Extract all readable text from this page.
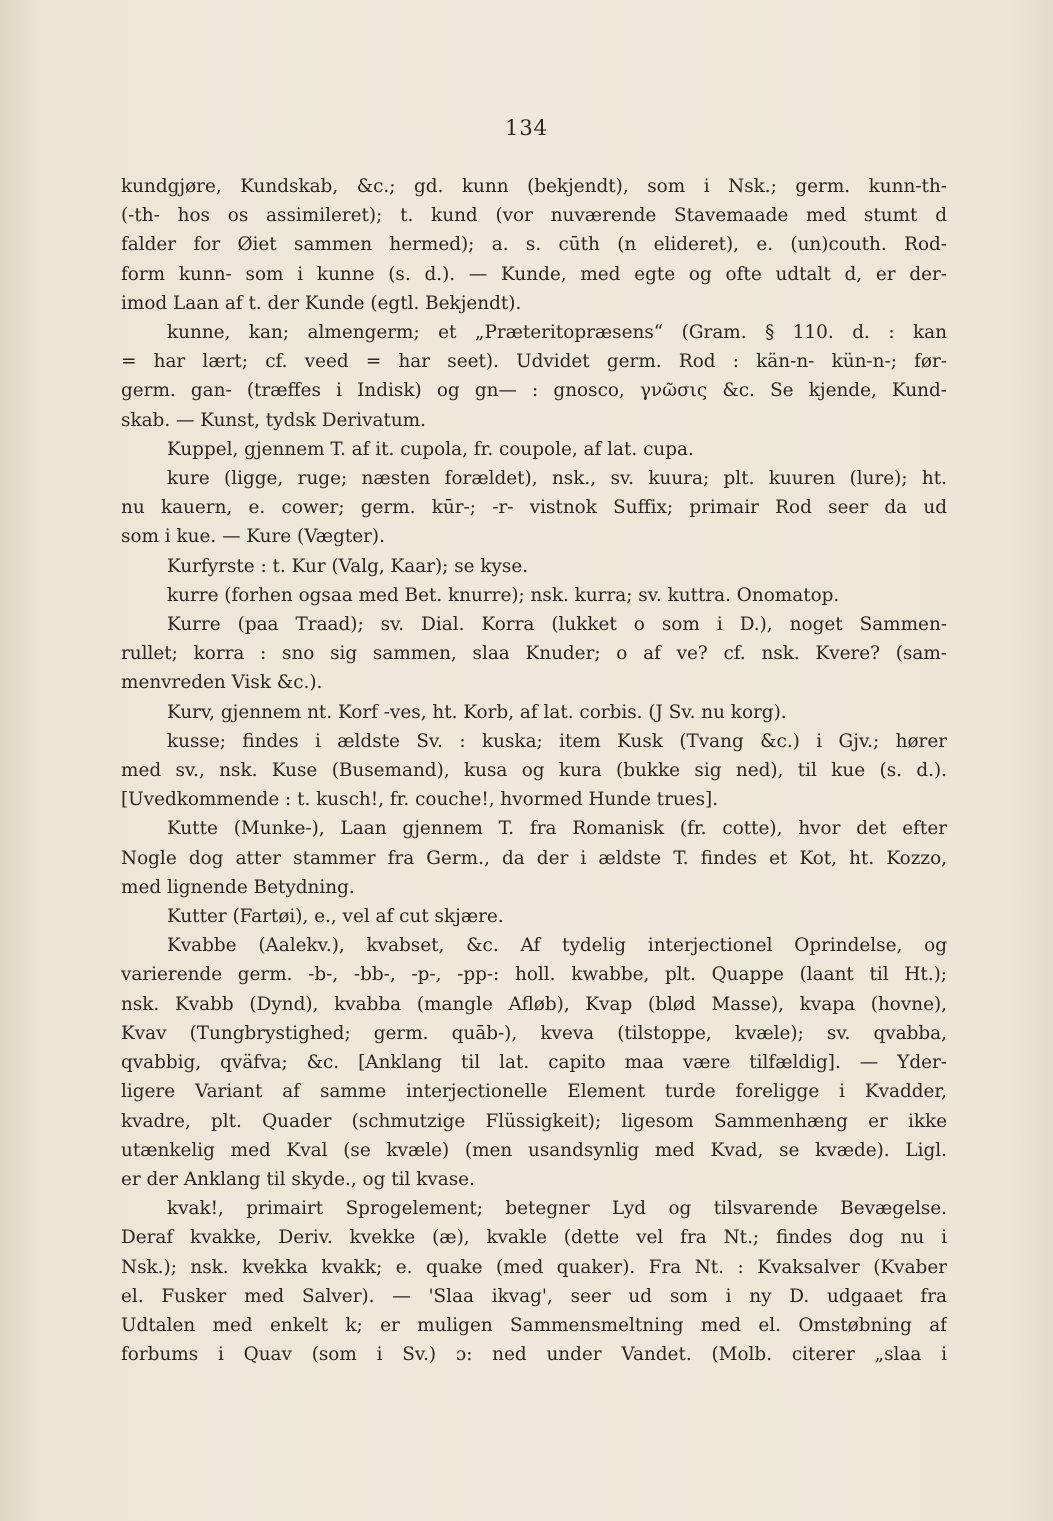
134
kundgjøre, Kundskab, &c.; gd. kunn (bekjendt), som i Nsk.; germ. kunn-th-
(-th- hos os assimileret); t. kund (vor nuværende Stavemaade med stumt d
falder for Øiet sammen hermed); a. s. cūth (n elideret), e. (un)couth. Rod-
form kunn- som i kunne (s. d.). — Kunde, med egte og ofte udtalt d, er der-
imod Laan af t. der Kunde (egtl. Bekjendt).
kunne, kan; almengerm; et „Præteritopræsens“ (Gram. § 110. d. : kan
= har lært; cf. veed = har seet). Udvidet germ. Rod : kän-n- kün-n-; før-
germ. gan- (træffes i Indisk) og gn— : gnosco, γνῶσις &c. Se kjende, Kund-
skab. — Kunst, tydsk Derivatum.
Kuppel, gjennem T. af it. cupola, fr. coupole, af lat. cupa.
kure (ligge, ruge; næsten forældet), nsk., sv. kuura; plt. kuuren (lure); ht.
nu kauern, e. cower; germ. kūr-; -r- vistnok Suffix; primair Rod seer da ud
som i kue. — Kure (Vægter).
Kurfyrste : t. Kur (Valg, Kaar); se kyse.
kurre (forhen ogsaa med Bet. knurre); nsk. kurra; sv. kuttra. Onomatop.
Kurre (paa Traad); sv. Dial. Korra (lukket o som i D.), noget Sammen-
rullet; korra : sno sig sammen, slaa Knuder; o af ve? cf. nsk. Kvere? (sam-
menvreden Visk &c.).
Kurv, gjennem nt. Korf -ves, ht. Korb, af lat. corbis. (J Sv. nu korg).
kusse; findes i ældste Sv. : kuska; item Kusk (Tvang &c.) i Gjv.; hører
med sv., nsk. Kuse (Busemand), kusa og kura (bukke sig ned), til kue (s. d.).
[Uvedkommende : t. kusch!, fr. couche!, hvormed Hunde trues].
Kutte (Munke-), Laan gjennem T. fra Romanisk (fr. cotte), hvor det efter
Nogle dog atter stammer fra Germ., da der i ældste T. findes et Kot, ht. Kozzo,
med lignende Betydning.
Kutter (Fartøi), e., vel af cut skjære.
Kvabbe (Aalekv.), kvabset, &c. Af tydelig interjectionel Oprindelse, og
varierende germ. -b-, -bb-, -p-, -pp-: holl. kwabbe, plt. Quappe (laant til Ht.);
nsk. Kvabb (Dynd), kvabba (mangle Afløb), Kvap (blød Masse), kvapa (hovne),
Kvav (Tungbrystighed; germ. quāb-), kveva (tilstoppe, kvæle); sv. qvabba,
qvabbig, qväfva; &c. [Anklang til lat. capito maa være tilfældig]. — Yder-
ligere Variant af samme interjectionelle Element turde foreligge i Kvadder,
kvadre, plt. Quader (schmutzige Flüssigkeit); ligesom Sammenhæng er ikke
utænkelig med Kval (se kvæle) (men usandsynlig med Kvad, se kvæde). Ligl.
er der Anklang til skyde., og til kvase.
kvak!, primairt Sprogelement; betegner Lyd og tilsvarende Bevægelse.
Deraf kvakke, Deriv. kvekke (æ), kvakle (dette vel fra Nt.; findes dog nu i
Nsk.); nsk. kvekka kvakk; e. quake (med quaker). Fra Nt. : Kvaksalver (Kvaber
el. Fusker med Salver). — 'Slaa ikvag', seer ud som i ny D. udgaaet fra
Udtalen med enkelt k; er muligen Sammensmeltning med el. Omstøbning af
forbums i Quav (som i Sv.) ɔ: ned under Vandet. (Molb. citerer „slaa i
